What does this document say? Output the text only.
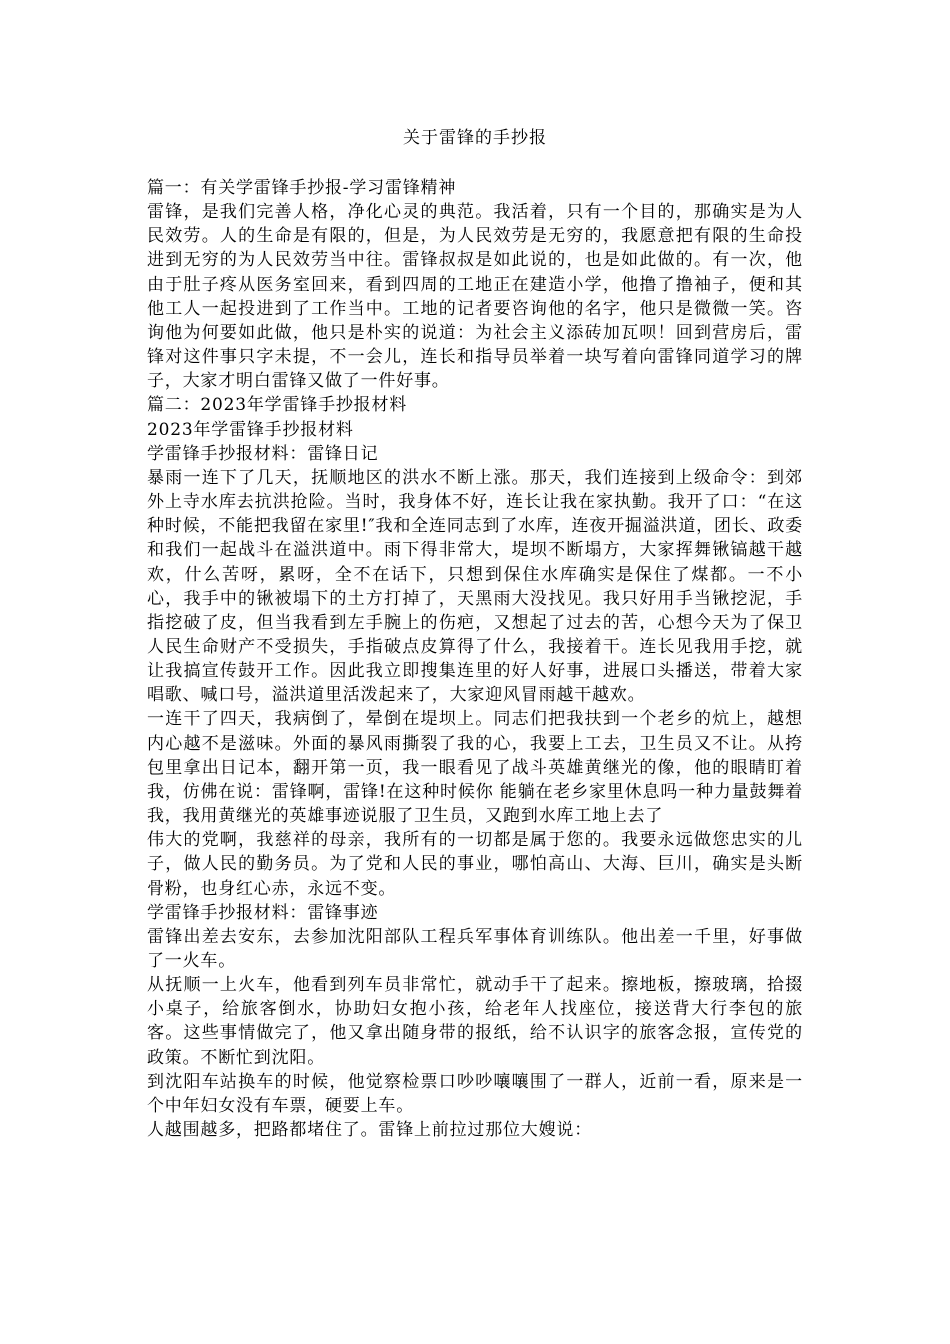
关于雷锋的手抄报

篇一：有关学雷锋手抄报-学习雷锋精神

雷锋，是我们完善人格，净化心灵的典范。我活着，只有一个目的，那确实是为人民效劳。人的生命是有限的，但是，为人民效劳是无穷的，我愿意把有限的生命投进到无穷的为人民效劳当中往。雷锋叔叔是如此说的，也是如此做的。有一次，他由于肚子疼从医务室回来，看到四周的工地正在建造小学，他撸了撸袖子，便和其他工人一起投进到了工作当中。工地的记者要咨询他的名字，他只是微微一笑。咨询他为何要如此做，他只是朴实的说道：为社会主义添砖加瓦呗！回到营房后，雷锋对这件事只字未提，不一会儿，连长和指导员举着一块写着向雷锋同道学习的牌子，大家才明白雷锋又做了一件好事。

篇二：2023年学雷锋手抄报材料

2023年学雷锋手抄报材料

学雷锋手抄报材料：雷锋日记

暴雨一连下了几天，抚顺地区的洪水不断上涨。那天，我们连接到上级命令：到郊外上寺水库去抗洪抢险。当时，我身体不好，连长让我在家执勤。我开了口：“在这种时候，不能把我留在家里!″我和全连同志到了水库，连夜开掘溢洪道，团长、政委和我们一起战斗在溢洪道中。雨下得非常大，堤坝不断塌方，大家挥舞锹镐越干越欢，什么苦呀，累呀，全不在话下，只想到保住水库确实是保住了煤都。一不小心，我手中的锹被塌下的土方打掉了，天黑雨大没找见。我只好用手当锹挖泥，手指挖破了皮，但当我看到左手腕上的伤疤，又想起了过去的苦，心想今天为了保卫人民生命财产不受损失，手指破点皮算得了什么，我接着干。连长见我用手挖，就让我搞宣传鼓开工作。因此我立即搜集连里的好人好事，进展口头播送，带着大家唱歌、喊口号，溢洪道里活泼起来了，大家迎风冒雨越干越欢。

一连干了四天，我病倒了，晕倒在堤坝上。同志们把我扶到一个老乡的炕上，越想内心越不是滋味。外面的暴风雨撕裂了我的心，我要上工去，卫生员又不让。从挎包里拿出日记本，翻开第一页，我一眼看见了战斗英雄黄继光的像，他的眼睛盯着我，仿佛在说：雷锋啊，雷锋!在这种时候你 能躺在老乡家里休息吗一种力量鼓舞着我，我用黄继光的英雄事迹说服了卫生员，又跑到水库工地上去了

伟大的党啊，我慈祥的母亲，我所有的一切都是属于您的。我要永远做您忠实的儿子，做人民的勤务员。为了党和人民的事业，哪怕高山、大海、巨川，确实是头断骨粉，也身红心赤，永远不变。

学雷锋手抄报材料：雷锋事迹

雷锋出差去安东，去参加沈阳部队工程兵军事体育训练队。他出差一千里，好事做了一火车。

从抚顺一上火车，他看到列车员非常忙，就动手干了起来。擦地板，擦玻璃，拾掇小桌子，给旅客倒水，协助妇女抱小孩，给老年人找座位，接送背大行李包的旅客。这些事情做完了，他又拿出随身带的报纸，给不认识字的旅客念报，宣传党的政策。不断忙到沈阳。

到沈阳车站换车的时候，他觉察检票口吵吵嚷嚷围了一群人，近前一看，原来是一个中年妇女没有车票，硬要上车。

人越围越多，把路都堵住了。雷锋上前拉过那位大嫂说：
